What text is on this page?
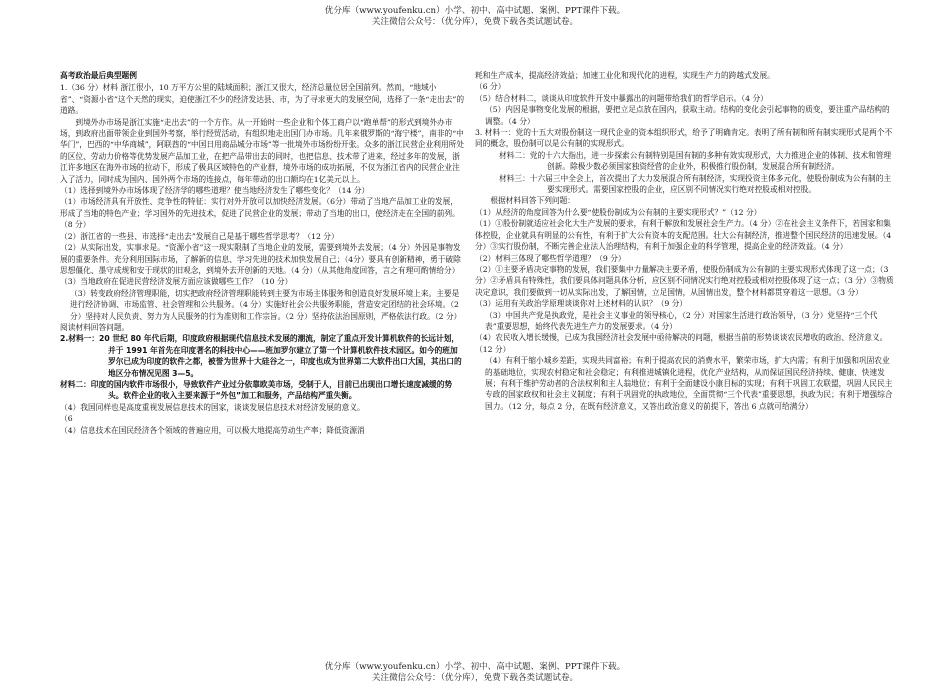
优分库（www.youfenku.cn）小学、初中、高中试题、案例、PPT课件下载。
关注微信公众号：（优分库），免费下载各类试题试卷。

高考政治最后典型题例

1.（36 分）材料 浙江很小，10 万平方公里的陆域面积；浙江又很大，经济总量位居全国前列。然而，“地域小省”、“资源小省”这个天然的现实，迫使浙江不少的经济发达县、市，为了寻求更大的发展空间，选择了一条“走出去”的道路。

到境外办市场是浙江实施“走出去”的一个方作。从一开始时一些企业和个体工商户以“跑单帮”的形式到境外办市场，到政府出面带领企业到国外考察，举行经贸活动，有组织地走出国门办市场。几年来俄罗斯的“海宁楼”，南非的“中华门”，巴西的“中华商城”，阿联酋的“中国日用商品城分市场”等一批境外市场纷纷开张。众多的浙江民营企业利用所处的区位、劳动力价格等优势发展产品加工业，在把产品带出去的同时，也把信息、技术带了进来，经过多年的发展，浙江许多地区在海外市场的拉动下，形成了极具区域特色的产业群，境外市场的成功拓展，不仅为浙江省内的民营企业注入了活力，同时成为国内、国外两个市场的连接点，每年带动的出口额均在1亿美元以上。

（1）选择到境外办市场体现了经济学的哪些道理？使当地经济发生了哪些变化？（14 分）

（1）市场经济具有开放性、竞争性的特征：实行对外开放可以加快经济发展。（6分）带动了当地产品加工业的发展，形成了当地的特色产业；学习国外的先进技术，促进了民营企业的发展；带动了当地的出口，使经济走在全国的前列。（8 分）

（2）浙江省的一些县、市选择“走出去”发展自己是基于哪些哲学思考？（12 分）

（2）从实际出发，实事求是。“资源小省”这一现实限制了当地企业的发展，需要到境外去发展；（4 分）外因是事物发展的重要条件。充分利用国际市场，了解新的信息、学习先进的技术加快发展自己；（4分）要具有创新精神，勇于破除思想僵化、墨守成规和安于现状的旧观念，到境外去开创新的天地。（4 分）（从其他角度回答，言之有理可酌情给分）

（3）当地政府在促进民营经济发展方面应该做哪些工作？（10 分）

（3）转变政府经济管理职能，切实把政府经济管理职能转到主要为市场主体服务和创造良好发展环境上来。主要是进行经济协调、市场监管、社会管理和公共服务。（4 分）实施好社会公共服务职能，营造安定团结的社会环境。（2 分）坚持对人民负责、努力为人民服务的行为准则和工作宗旨。（2 分）坚持依法治国原则，严格依法行政。（2 分）

阅读材料回答问题。

2.材料一：20 世纪 80 年代后期，印度政府根据现代信息技术发展的潮流，制定了重点开发计算机软件的长远计划，并于 1991 年首先在印度著名的科技中心——班加罗尔建立了第一个计算机软件技术园区。如今的班加罗尔已成为印度的软件之都，被誉为世界十大硅谷之一，印度也成为世界第二大软件出口大国，其出口的地区分布情况见图 3—5。

材料二：印度的国内软件市场很小，导致软件产业过分依靠欧美市场，受制于人，目前已出现出口增长速度减缓的势头。软件企业的收入主要来源于“外包”加工和服务，产品结构严重失衡。

（4）我国同样也是高度重视发展信息技术的国家，谈谈发展信息技术对经济发展的意义。

（6

（4）信息技术在国民经济各个领域的普遍应用，可以极大地提高劳动生产率；降低资源消

耗和生产成本，提高经济效益；加速工业化和现代化的进程，实现生产力的跨越式发展。

（6 分）

（5）结合材料二，谈谈从印度软件开发中暴露出的问题带给我们的哲学启示。（4 分）

（5）内因是事物变化发展的根据，要把立足点放在国内，获取主动。结构的变化会引起事物的质变，要注重产品结构的调整。（4 分）

3. 材料一：党的十五大对股份制这一现代企业的资本组织形式，给予了明确肯定。表明了所有制和所有制实现形式是两个不同的概念，股份制可以是公有制的实现形式。

材料二：党的十六大指出，进一步探索公有制特别是国有制的多种有效实现形式，大力推进企业的体制、技术和管理创新。除极少数必须国家独资经营的企业外，积极推行股份制，发展混合所有制经济。

材料三：十六届三中全会上，首次提出了大力发展混合所有制经济，实现投资主体多元化，使股份制成为公有制的主要实现形式。需要国家控股的企业，应区别不同情况实行绝对控股或相对控股。

根据材料回答下列问题：

（1）从经济的角度回答为什么要“使股份制成为公有制的主要实现形式？”（12 分）

（1）①股份制就适应社会化大生产发展的要求，有利于解放和发展社会生产力。（4 分）②在社会主义条件下，若国家和集体控股，企业就具有明显的公有性，有利于扩大公有资本的支配范围。壮大公有制经济，推进整个国民经济的迅速发展。（4 分）③实行股份制，不断完善企业法人治理结构，有利于加强企业的科学管理，提高企业的经济效益。（4 分）

（2）材料三体现了哪些哲学道理？（9 分）

（2）①主要矛盾决定事物的发展，我们要集中力量解决主要矛盾，使股份制成为公有制的主要实现形式体现了这一点；（3 分）②矛盾具有特殊性，我们要具体问题具体分析，应区别不同情况实行绝对控股或相对控股体现了这一点；（3 分）③物质决定意识，我们要做到一切从实际出发，了解国情，立足国情，从国情出发，整个材料都贯穿着这一思想。（3 分）

（3）运用有关政治学原理谈谈你对上述材料的认识？（9 分）

（3）中国共产党是执政党，是社会主义事业的领导核心，（2 分）对国家生活进行政治领导，（3 分）党坚持“三个代表”重要思想，始终代表先进生产力的发展要求。（4 分）

（4）农民收入增长缓慢，已成为我国经济社会发展中亟待解决的问题，根据当前的形势谈谈农民增收的政治、经济意义。（12 分）

（4）有利于缩小城乡差距，实现共同富裕；有利于提高农民的消费水平，繁荣市场，扩大内需；有利于加强和巩固农业的基础地位，实现农村稳定和社会稳定；有利推进城镇化进程，优化产业结构，从而保证国民经济持续、健康、快速发展；有利于维护劳动者的合法权利和主人翁地位；有利于全面建设小康目标的实现；有利于巩固工农联盟，巩固人民民主专政的国家政权和社会主义制度；有利于巩固党的执政地位，全面贯彻“三个代表”重要思想，执政为民；有利于增强综合国力。（12 分，每点 2 分，在既有经济意义，又答出政治意义的前提下，答出 6 点就可给满分）

优分库（www.youfenku.cn）小学、初中、高中试题、案例、PPT课件下载。
关注微信公众号：（优分库），免费下载各类试题试卷。
